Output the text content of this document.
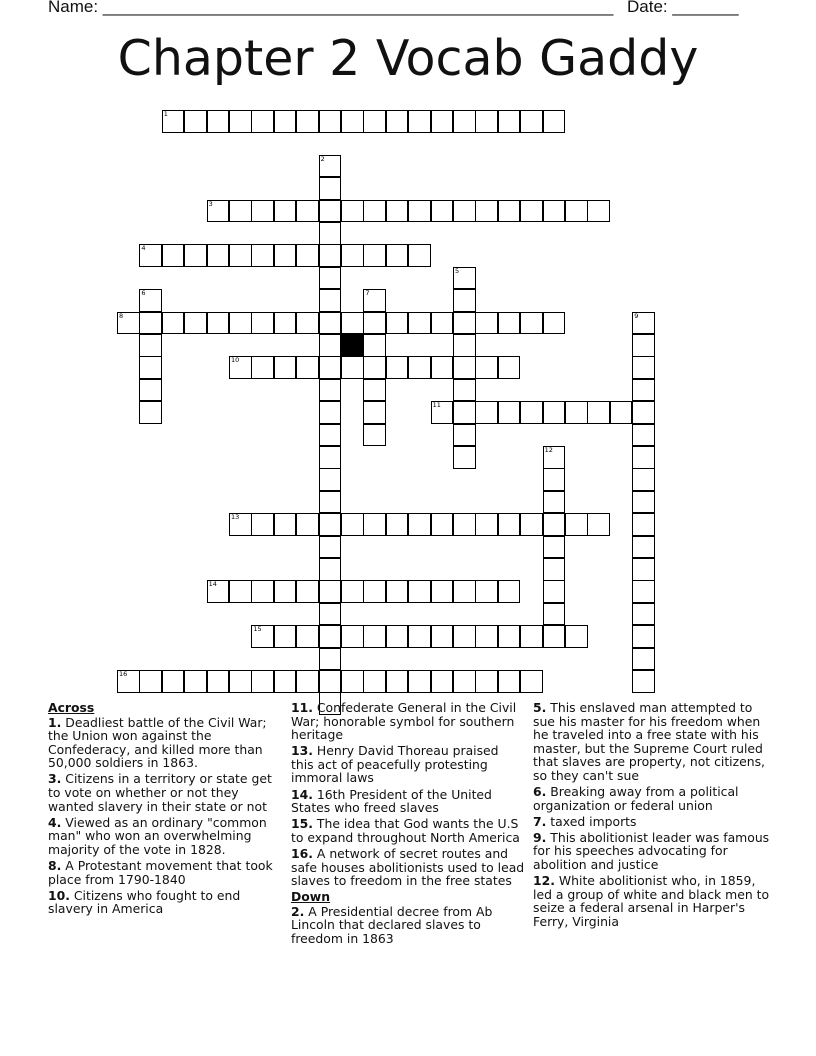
Name: ______________________________________________________ Date: _______
Chapter 2 Vocab Gaddy
1
2
3
4
5
6	7
8	9
10
11
12
13
14
15
16
Across
1. Deadliest battle of the Civil War; the Union won against the Confederacy, and killed more than 50,000 soldiers in 1863.
3. Citizens in a territory or state get to vote on whether or not they wanted slavery in their state or not
4. Viewed as an ordinary "common man" who won an overwhelming majority of the vote in 1828.
8. A Protestant movement that took place from 1790-1840
10. Citizens who fought to end slavery in America
11. Confederate General in the Civil War; honorable symbol for southern heritage
13. Henry David Thoreau praised this act of peacefully protesting immoral laws
14. 16th President of the United States who freed slaves
15. The idea that God wants the U.S to expand throughout North America
16. A network of secret routes and safe houses abolitionists used to lead slaves to freedom in the free states
Down
2. A Presidential decree from Ab Lincoln that declared slaves to freedom in 1863
5. This enslaved man attempted to sue his master for his freedom when he traveled into a free state with his master, but the Supreme Court ruled that slaves are property, not citizens, so they can't sue
6. Breaking away from a political organization or federal union
7. taxed imports
9. This abolitionist leader was famous for his speeches advocating for abolition and justice
12. White abolitionist who, in 1859, led a group of white and black men to seize a federal arsenal in Harper's Ferry, Virginia
